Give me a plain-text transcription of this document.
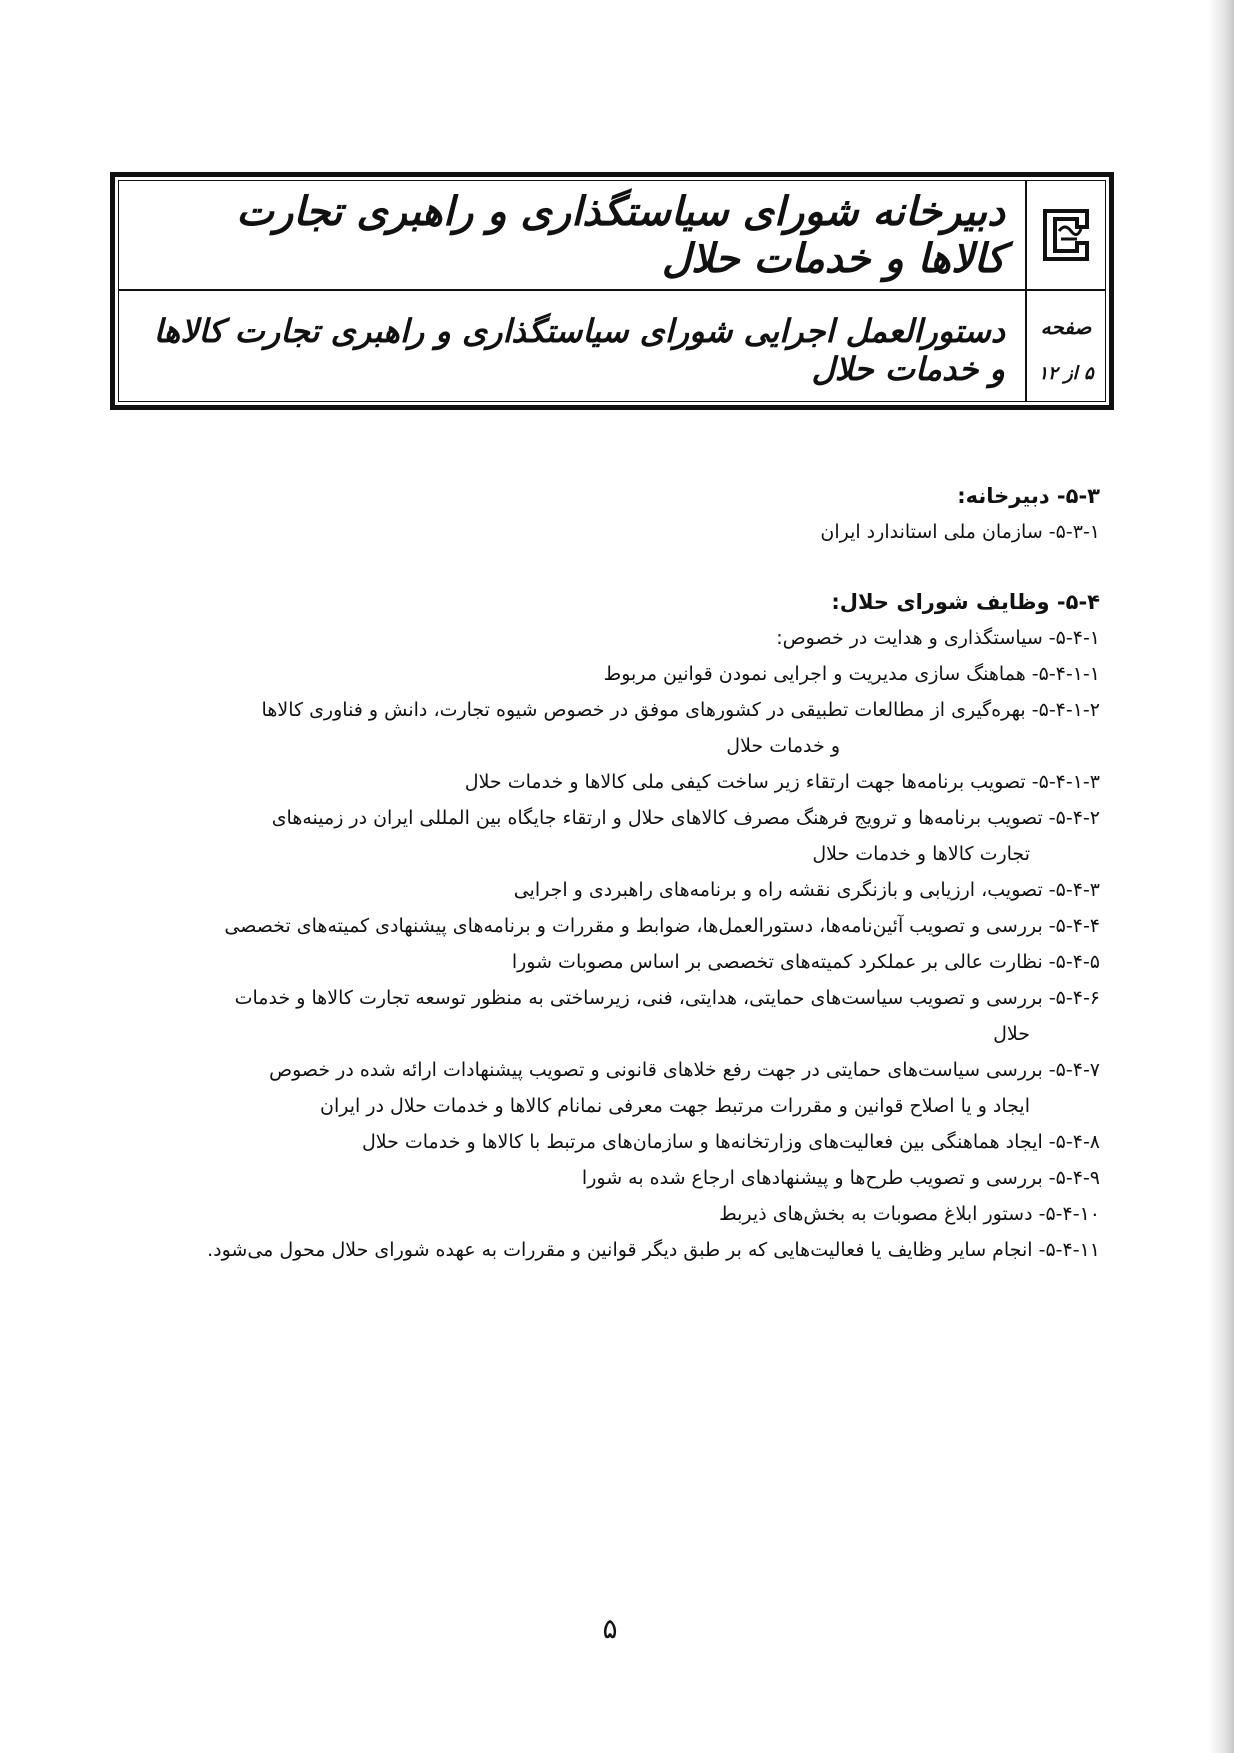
دبیرخانه شورای سیاستگذاری و راهبری تجارت کالاها و خدمات حلال
دستورالعمل اجرایی شورای سیاستگذاری و راهبری تجارت کالاها و خدمات حلال
صفحه
۵ از ۱۲
۵-۳- دبیرخانه:
۵-۳-۱- سازمان ملی استاندارد ایران
۵-۴- وظایف شورای حلال:
۵-۴-۱- سیاستگذاری و هدایت در خصوص:
۵-۴-۱-۱- هماهنگ سازی مدیریت و اجرایی نمودن قوانین مربوط
۵-۴-۱-۲- بهره‌گیری از مطالعات تطبیقی در کشورهای موفق در خصوص شیوه تجارت، دانش و فناوری کالاها
و خدمات حلال
۵-۴-۱-۳- تصویب برنامه‌ها جهت ارتقاء زیر ساخت کیفی ملی کالاها و خدمات حلال
۵-۴-۲- تصویب برنامه‌ها و ترویج فرهنگ مصرف کالاهای حلال و ارتقاء جایگاه بین المللی ایران در زمینه‌های
تجارت کالاها و خدمات حلال
۵-۴-۳- تصویب، ارزیابی و بازنگری نقشه راه و برنامه‌های راهبردی و اجرایی
۵-۴-۴- بررسی و تصویب آئین‌نامه‌ها، دستورالعمل‌ها، ضوابط و مقررات و برنامه‌های پیشنهادی کمیته‌های تخصصی
۵-۴-۵- نظارت عالی بر عملکرد کمیته‌های تخصصی بر اساس مصوبات شورا
۵-۴-۶- بررسی و تصویب سیاست‌های حمایتی، هدایتی، فنی، زیرساختی به منظور توسعه تجارت کالاها و خدمات
حلال
۵-۴-۷- بررسی سیاست‌های حمایتی در جهت رفع خلاهای قانونی و تصویب پیشنهادات ارائه شده در خصوص
ایجاد و یا اصلاح قوانین و مقررات مرتبط جهت معرفی نمانام کالاها و خدمات حلال در ایران
۵-۴-۸- ایجاد هماهنگی بین فعالیت‌های وزارتخانه‌ها و سازمان‌های مرتبط با کالاها و خدمات حلال
۵-۴-۹- بررسی و تصویب طرح‌ها و پیشنهادهای ارجاع شده به شورا
۵-۴-۱۰- دستور ابلاغ مصوبات به بخش‌های ذیربط
۵-۴-۱۱- انجام سایر وظایف یا فعالیت‌هایی که بر طبق دیگر قوانین و مقررات به عهده شورای حلال محول می‌شود.
۵
